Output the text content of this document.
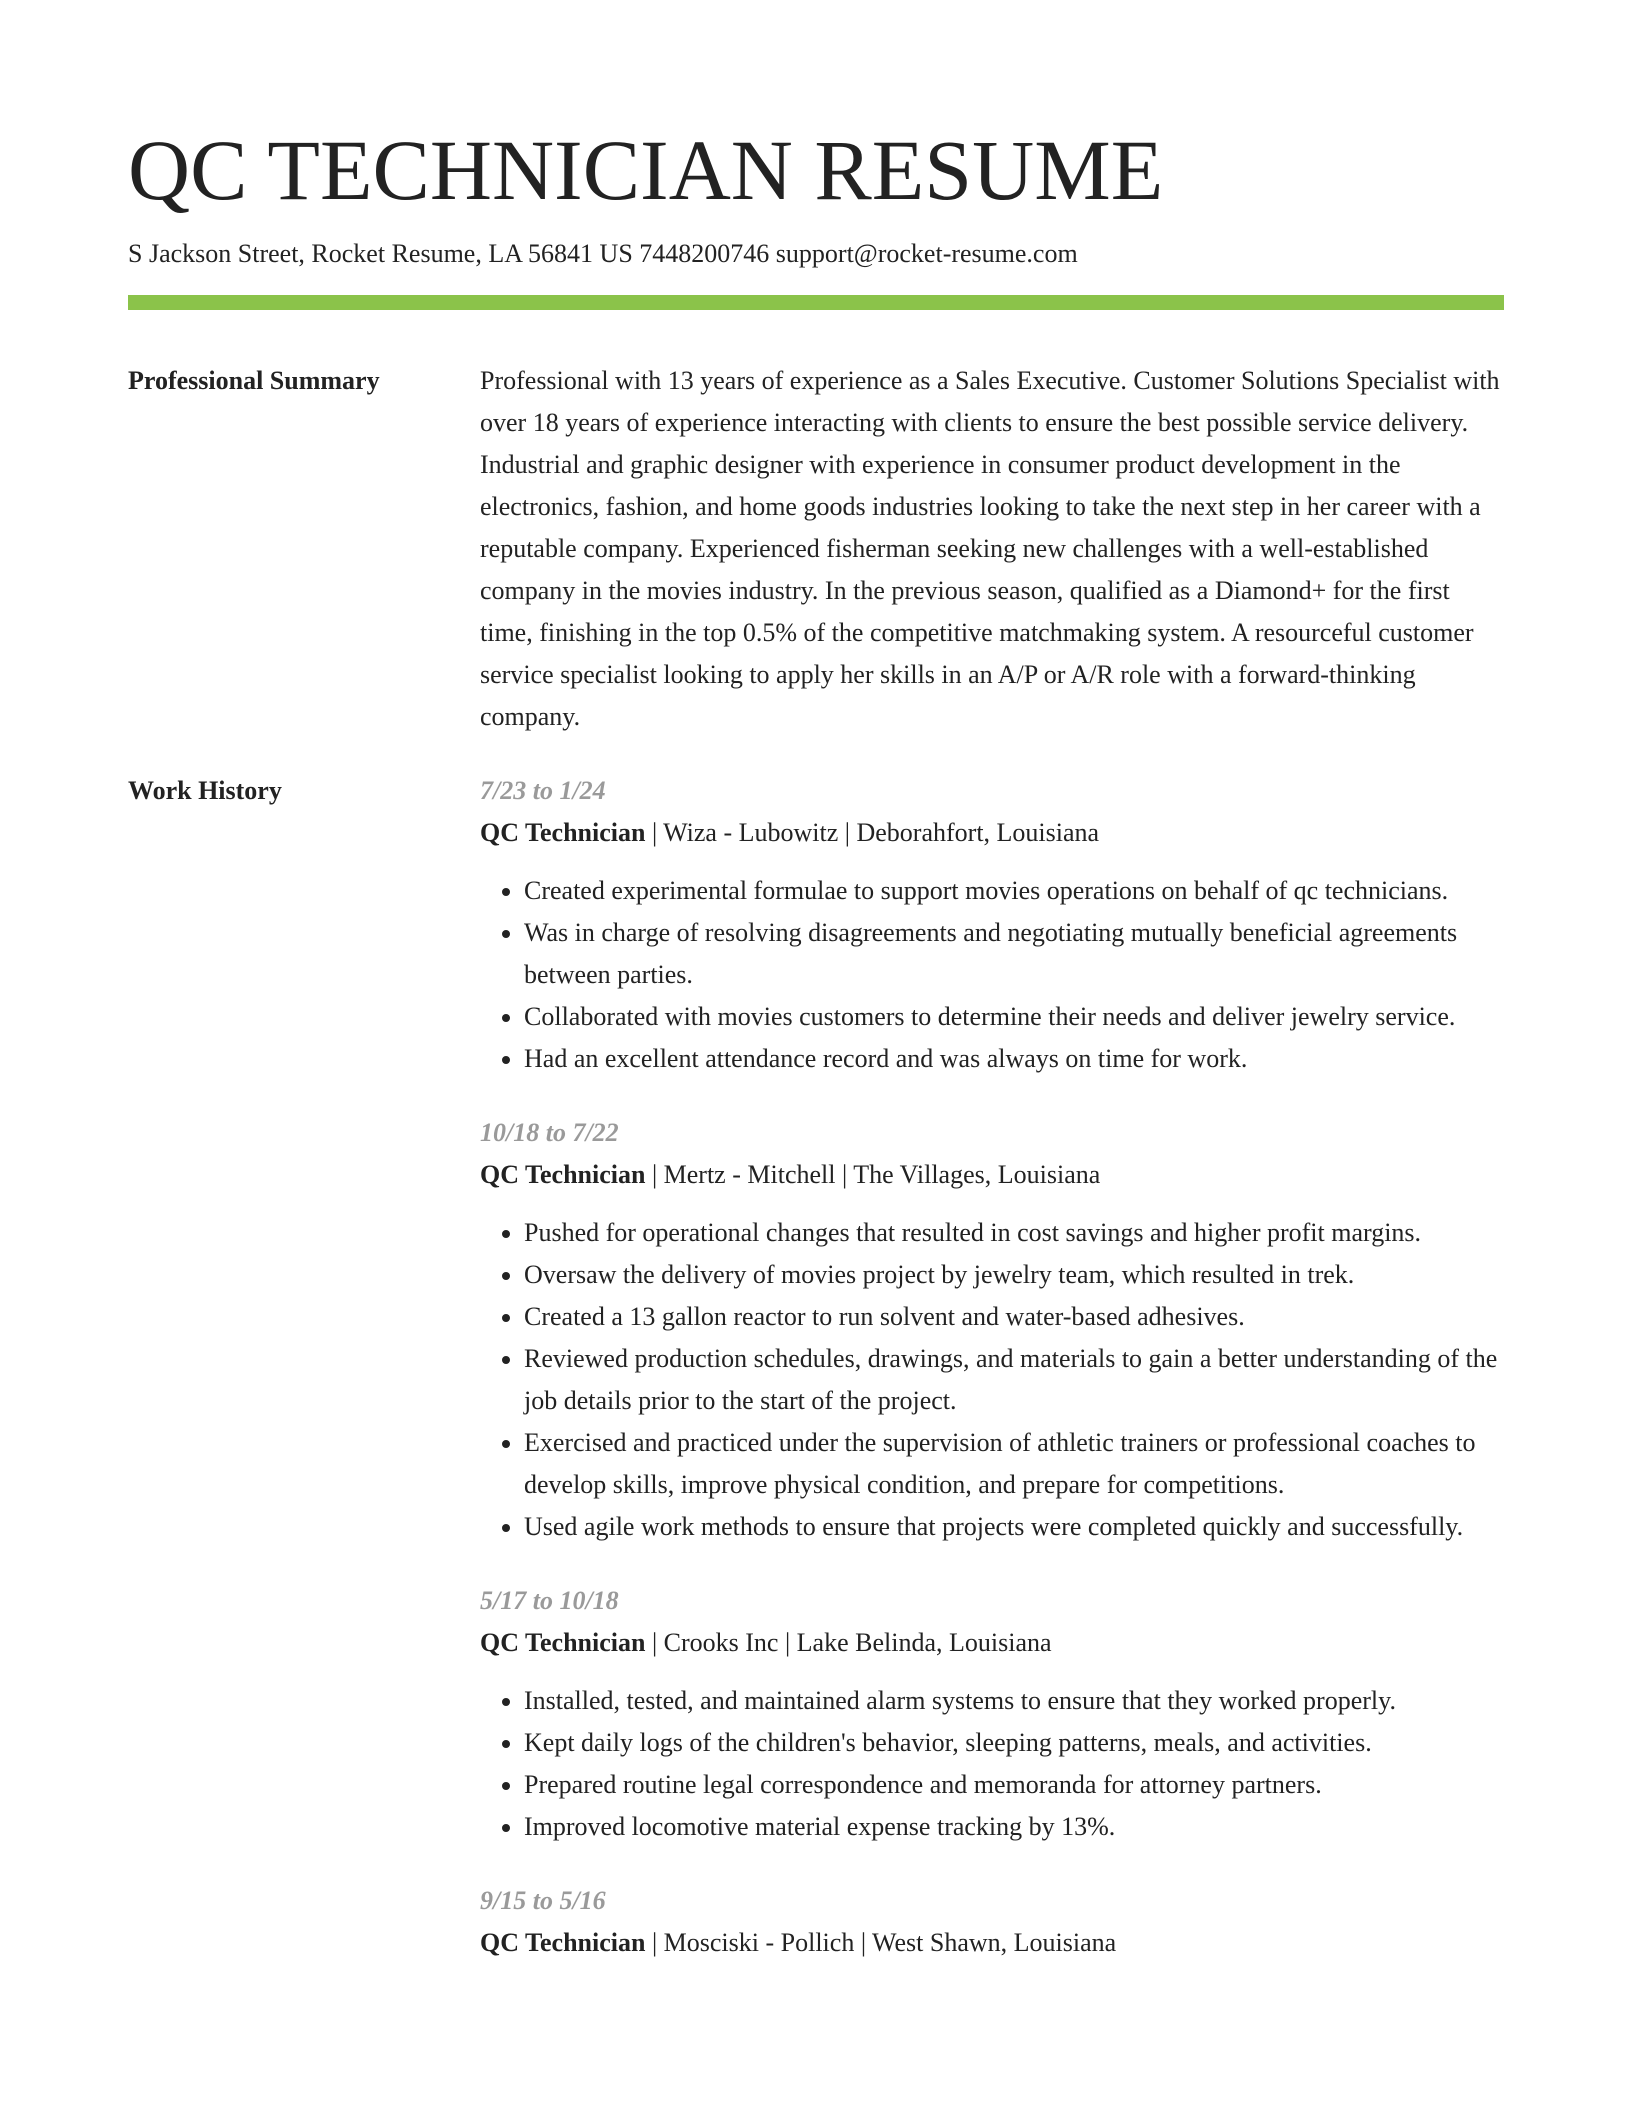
QC TECHNICIAN RESUME
S Jackson Street, Rocket Resume, LA 56841 US 7448200746 support@rocket-resume.com
Professional Summary	Professional with 13 years of experience as a Sales Executive. Customer Solutions Specialist with over 18 years of experience interacting with clients to ensure the best possible service delivery. Industrial and graphic designer with experience in consumer product development in the electronics, fashion, and home goods industries looking to take the next step in her career with a reputable company. Experienced fisherman seeking new challenges with a well-established company in the movies industry. In the previous season, qualified as a Diamond+ for the first time, finishing in the top 0.5% of the competitive matchmaking system. A resourceful customer service specialist looking to apply her skills in an A/P or A/R role with a forward-thinking company.

Work History	7/23 to 1/24
QC Technician | Wiza - Lubowitz | Deborahfort, Louisiana
• Created experimental formulae to support movies operations on behalf of qc technicians.
• Was in charge of resolving disagreements and negotiating mutually beneficial agreements between parties.
• Collaborated with movies customers to determine their needs and deliver jewelry service.
• Had an excellent attendance record and was always on time for work.
10/18 to 7/22
QC Technician | Mertz - Mitchell | The Villages, Louisiana
• Pushed for operational changes that resulted in cost savings and higher profit margins.
• Oversaw the delivery of movies project by jewelry team, which resulted in trek.
• Created a 13 gallon reactor to run solvent and water-based adhesives.
• Reviewed production schedules, drawings, and materials to gain a better understanding of the job details prior to the start of the project.
• Exercised and practiced under the supervision of athletic trainers or professional coaches to develop skills, improve physical condition, and prepare for competitions.
• Used agile work methods to ensure that projects were completed quickly and successfully.
5/17 to 10/18
QC Technician | Crooks Inc | Lake Belinda, Louisiana
• Installed, tested, and maintained alarm systems to ensure that they worked properly.
• Kept daily logs of the children's behavior, sleeping patterns, meals, and activities.
• Prepared routine legal correspondence and memoranda for attorney partners.
• Improved locomotive material expense tracking by 13%.
9/15 to 5/16
QC Technician | Mosciski - Pollich | West Shawn, Louisiana
